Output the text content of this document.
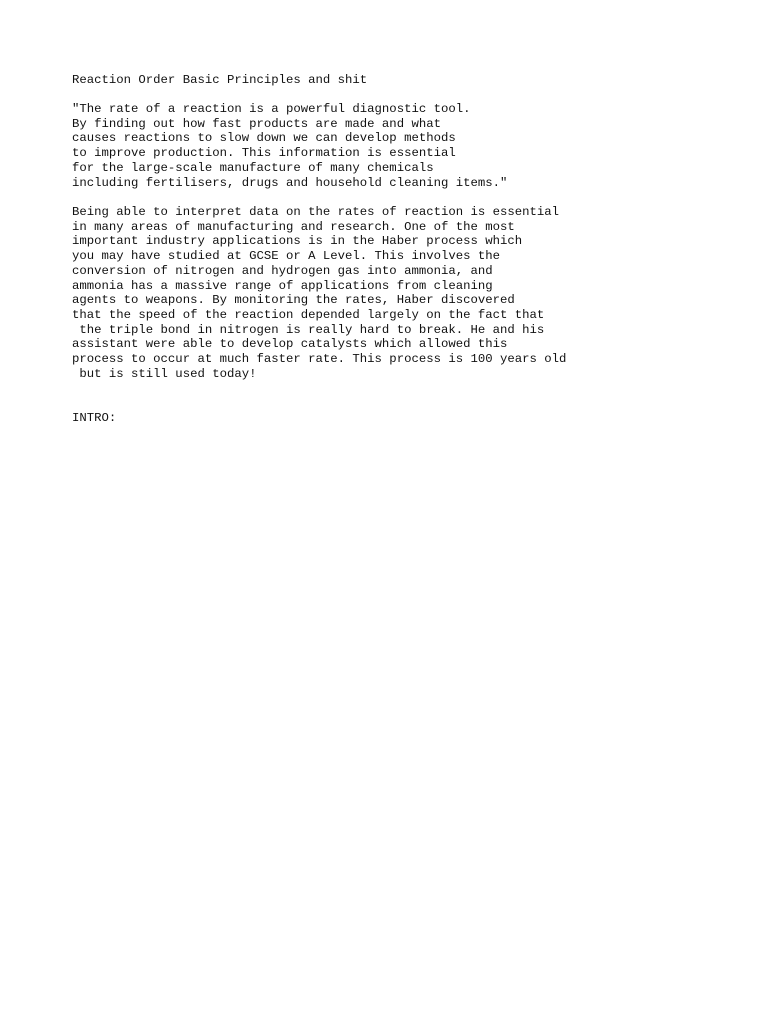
Reaction Order Basic Principles and shit

"The rate of a reaction is a powerful diagnostic tool.
By finding out how fast products are made and what
causes reactions to slow down we can develop methods
to improve production. This information is essential
for the large-scale manufacture of many chemicals
including fertilisers, drugs and household cleaning items."

Being able to interpret data on the rates of reaction is essential
in many areas of manufacturing and research. One of the most
important industry applications is in the Haber process which
you may have studied at GCSE or A Level. This involves the
conversion of nitrogen and hydrogen gas into ammonia, and
ammonia has a massive range of applications from cleaning
agents to weapons. By monitoring the rates, Haber discovered
that the speed of the reaction depended largely on the fact that
the triple bond in nitrogen is really hard to break. He and his
assistant were able to develop catalysts which allowed this
process to occur at much faster rate. This process is 100 years old
but is still used today!

INTRO:
